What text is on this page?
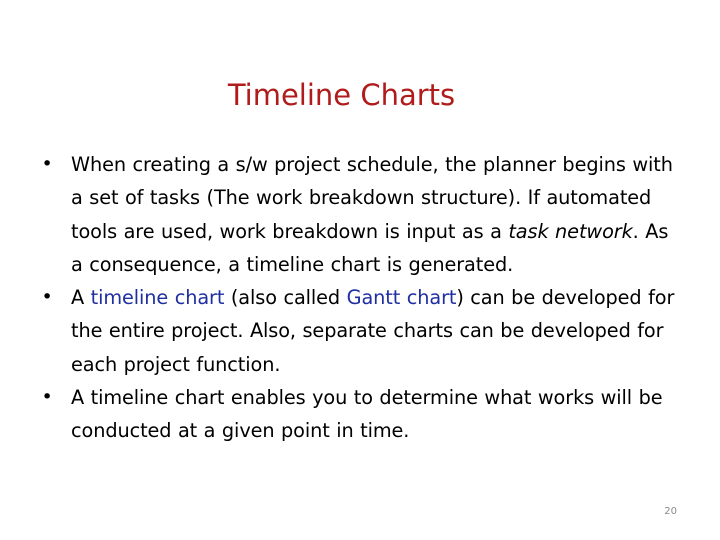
Timeline Charts
• When creating a s/w project schedule, the planner begins with a set of tasks (The work breakdown structure). If automated tools are used, work breakdown is input as a task network. As a consequence, a timeline chart is generated.
• A timeline chart (also called Gantt chart) can be developed for the entire project. Also, separate charts can be developed for each project function.
• A timeline chart enables you to determine what works will be conducted at a given point in time.
20
